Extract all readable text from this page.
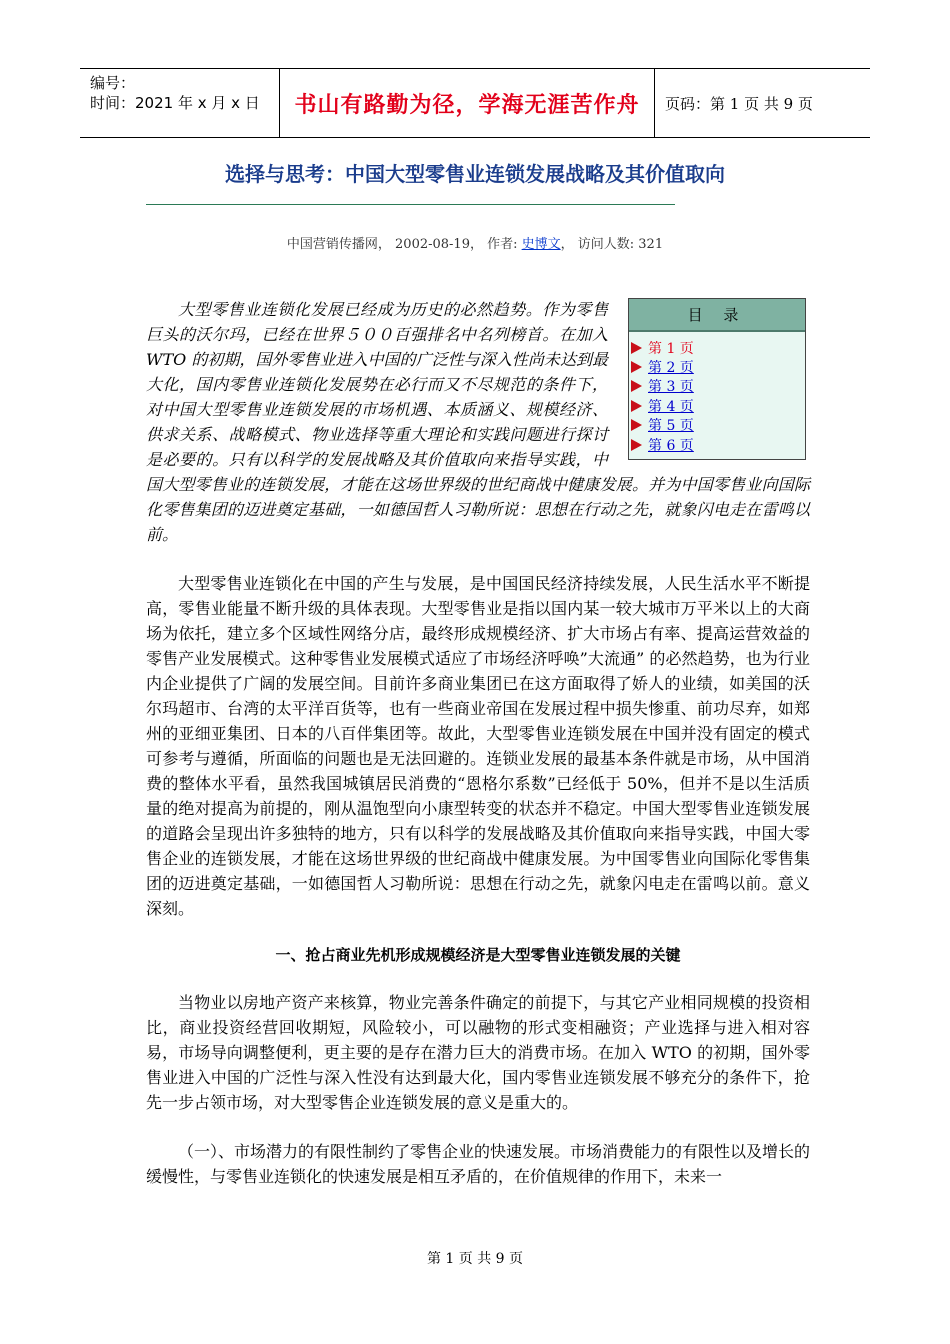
编号：
时间：2021 年 x 月 x 日	书山有路勤为径，学海无涯苦作舟	页码：第 1 页 共 9 页
选择与思考：中国大型零售业连锁发展战略及其价值取向
中国营销传播网， 2002-08-19， 作者: 史博文， 访问人数: 321
大型零售业连锁化发展已经成为历史的必然趋势。作为零售巨头的沃尔玛，已经在世界５００百强排名中名列榜首。在加入WTO 的初期，国外零售业进入中国的广泛性与深入性尚未达到最大化，国内零售业连锁化发展势在必行而又不尽规范的条件下，对中国大型零售业连锁发展的市场机遇、本质涵义、规模经济、供求关系、战略模式、物业选择等重大理论和实践问题进行探讨是必要的。只有以科学的发展战略及其价值取向来指导实践，中国大型零售业的连锁发展，才能在这场世界级的世纪商战中健康发展。并为中国零售业向国际化零售集团的迈进奠定基础，一如德国哲人习勒所说：思想在行动之先，就象闪电走在雷鸣以前。
目 录
第 1 页
第 2 页
第 3 页
第 4 页
第 5 页
第 6 页
大型零售业连锁化在中国的产生与发展，是中国国民经济持续发展，人民生活水平不断提高，零售业能量不断升级的具体表现。大型零售业是指以国内某一较大城市万平米以上的大商场为依托，建立多个区域性网络分店，最终形成规模经济、扩大市场占有率、提高运营效益的零售产业发展模式。这种零售业发展模式适应了市场经济呼唤”大流通” 的必然趋势，也为行业内企业提供了广阔的发展空间。目前许多商业集团已在这方面取得了娇人的业绩，如美国的沃尔玛超市、台湾的太平洋百货等，也有一些商业帝国在发展过程中损失惨重、前功尽弃，如郑州的亚细亚集团、日本的八百伴集团等。故此，大型零售业连锁发展在中国并没有固定的模式可参考与遵循，所面临的问题也是无法回避的。连锁业发展的最基本条件就是市场，从中国消费的整体水平看，虽然我国城镇居民消费的“恩格尔系数”已经低于 50%，但并不是以生活质量的绝对提高为前提的，刚从温饱型向小康型转变的状态并不稳定。中国大型零售业连锁发展的道路会呈现出许多独特的地方，只有以科学的发展战略及其价值取向来指导实践，中国大零售企业的连锁发展，才能在这场世界级的世纪商战中健康发展。为中国零售业向国际化零售集团的迈进奠定基础，一如德国哲人习勒所说：思想在行动之先，就象闪电走在雷鸣以前。意义深刻。
一、抢占商业先机形成规模经济是大型零售业连锁发展的关键
当物业以房地产资产来核算，物业完善条件确定的前提下，与其它产业相同规模的投资相比，商业投资经营回收期短，风险较小，可以融物的形式变相融资；产业选择与进入相对容易，市场导向调整便利，更主要的是存在潜力巨大的消费市场。在加入 WTO 的初期，国外零售业进入中国的广泛性与深入性没有达到最大化，国内零售业连锁发展不够充分的条件下，抢先一步占领市场，对大型零售企业连锁发展的意义是重大的。
（一）、市场潜力的有限性制约了零售企业的快速发展。市场消费能力的有限性以及增长的缓慢性，与零售业连锁化的快速发展是相互矛盾的，在价值规律的作用下，未来一
第 1 页 共 9 页
